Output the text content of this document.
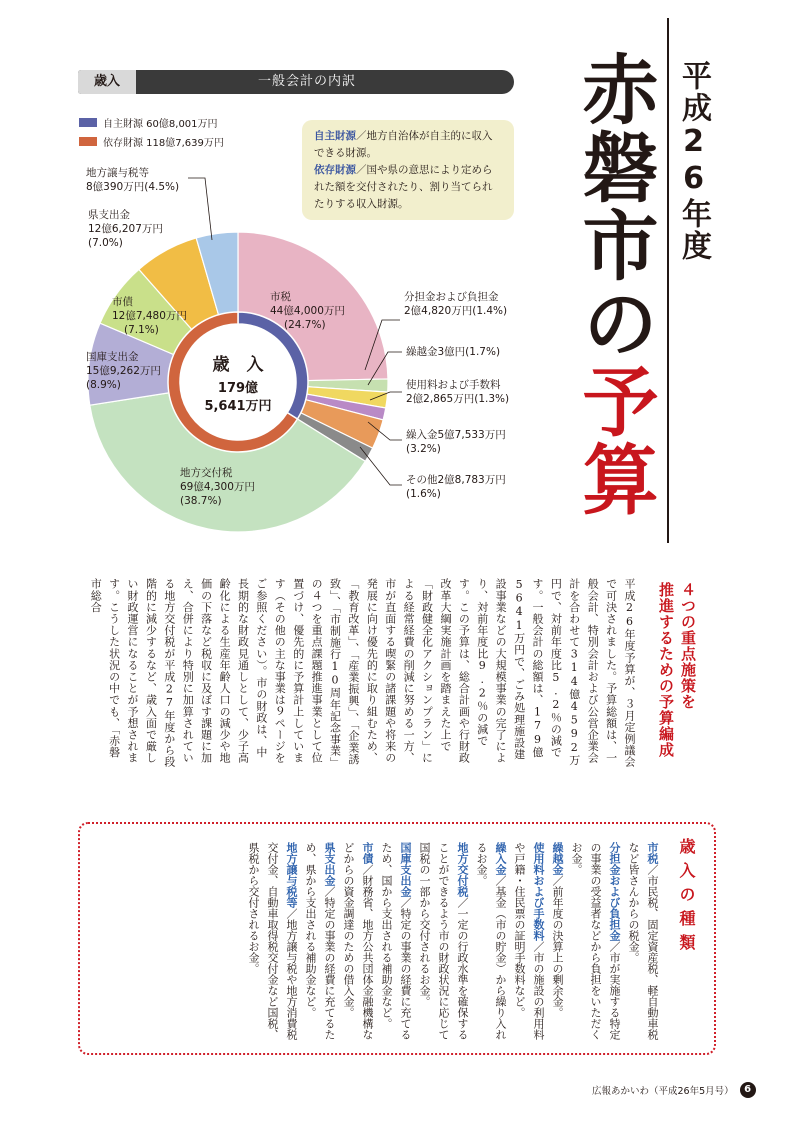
歳入	一般会計の内訳
自主財源 60億8,001万円
依存財源 118億7,639万円
自主財源／地方自治体が自主的に収入できる財源。
依存財源／国や県の意思により定められた額を交付されたり、割り当てられたりする収入財源。
歳　入
179億
5,641万円
市税
44億4,000万円
(24.7%)
分担金および負担金
2億4,820万円(1.4%)
繰越金3億円(1.7%)
使用料および手数料
2億2,865万円(1.3%)
繰入金5億7,533万円
(3.2%)
その他2億8,783万円
(1.6%)
地方交付税
69億4,300万円
(38.7%)
国庫支出金
15億9,262万円
(8.9%)
市債
12億7,480万円
(7.1%)
県支出金
12億6,207万円
(7.0%)
地方譲与税等
8億390万円(4.5%)	平成26年度
赤磐市の予算
４つの重点施策を
推進するための予算編成
平成26年度予算が、３月定例議会で可決されました。予算総額は、一般会計、特別会計および公営企業会計を合わせて314億4592万円で、対前年度比5.2％の減です。一般会計の総額は、179億5641万円で、ごみ処理施設建設事業などの大規模事業の完了により、対前年度比9.2％の減です。この予算は、総合計画や行財政改革大綱実施計画を踏まえた上で「財政健全化アクションプラン」による経常経費の削減に努める一方、市が直面する喫緊の諸課題や将来の発展に向け優先的に取り組むため、「教育改革」、「産業振興」、「企業誘致」、「市制施行10周年記念事業」の４つを重点課題推進事業として位置づけ、優先的に予算計上しています（その他の主な事業は９ページをご参照ください）。市の財政は、中長期的な財政見通しとして、少子高齢化による生産年齢人口の減少や地価の下落など税収に及ぼす課題に加え、合併により特別に加算されている地方交付税が平成27年度から段階的に減少するなど、歳入面で厳しい財政運営になることが予想されます。こうした状況の中でも、「赤磐市総合
歳入の種類
市税／市民税、固定資産税、軽自動車税など皆さんからの税金。
分担金および負担金／市が実施する特定の事業の受益者などから負担をいただくお金。
繰越金／前年度の決算上の剰余金。
使用料および手数料／市の施設の利用料や戸籍・住民票の証明手数料など。
繰入金／基金（市の貯金）から繰り入れるお金。
地方交付税／一定の行政水準を確保することができるよう市の財政状況に応じて国税の一部から交付されるお金。
国庫支出金／特定の事業の経費に充てるため、国から支出される補助金など。
市債／財務省、地方公共団体金融機構などからの資金調達のための借入金。
県支出金／特定の事業の経費に充てるため、県から支出される補助金など。
地方譲与税等／地方譲与税や地方消費税交付金、自動車取得税交付金など国税、県税から交付されるお金。
広報あかいわ（平成26年5月号）	6
